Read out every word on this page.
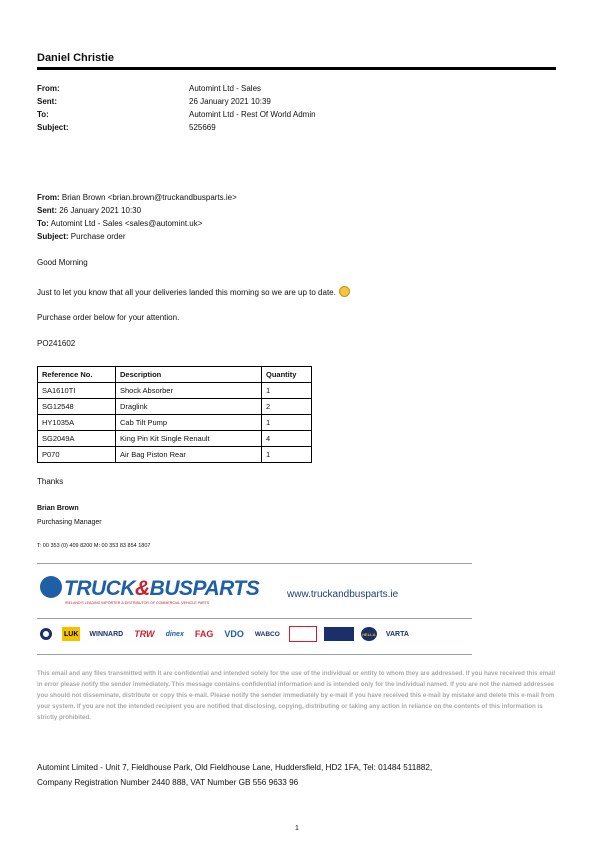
Daniel Christie
From:	Automint Ltd - Sales
Sent:	26 January 2021 10:39
To:	Automint Ltd - Rest Of World Admin
Subject:	525669
From: Brian Brown <brian.brown@truckandbusparts.ie>
Sent: 26 January 2021 10:30
To: Automint Ltd - Sales <sales@automint.uk>
Subject: Purchase order
Good Morning
Just to let you know that all your deliveries landed this morning so we are up to date.
Purchase order below for your attention.
PO241602
Reference No.	Description	Quantity
SA1610TI	Shock Absorber	1
SG12548	Draglink	2
HY1035A	Cab Tilt Pump	1
SG2049A	King Pin Kit Single Renault	4
P070	Air Bag Piston Rear	1
Thanks
Brian Brown
Purchasing Manager
T: 00 353 (0) 409 8200 M: 00 353 83 854 1807
TRUCK&BUSPARTS
IRELAND'S LEADING IMPORTER & DISTRIBUTOR OF COMMERCIAL VEHICLE PARTS
www.truckandbusparts.ie
LUK WINNARD TRW dinex FAG VDO	WABCO	HELLA VARTA
This email and any files transmitted with it are confidential and intended solely for the use of the individual or entity to whom they are addressed. If you have received this email in error please notify the sender immediately. This message contains confidential information and is intended only for the individual named. If you are not the named addressee you should not disseminate, distribute or copy this e-mail. Please notify the sender immediately by e-mail if you have received this e-mail by mistake and delete this e-mail from your system. If you are not the intended recipient you are notified that disclosing, copying, distributing or taking any action in reliance on the contents of this information is strictly prohibited.
Automint Limited - Unit 7, Fieldhouse Park, Old Fieldhouse Lane, Huddersfield, HD2 1FA, Tel: 01484 511882,
Company Registration Number 2440 888, VAT Number GB 556 9633 96
1
